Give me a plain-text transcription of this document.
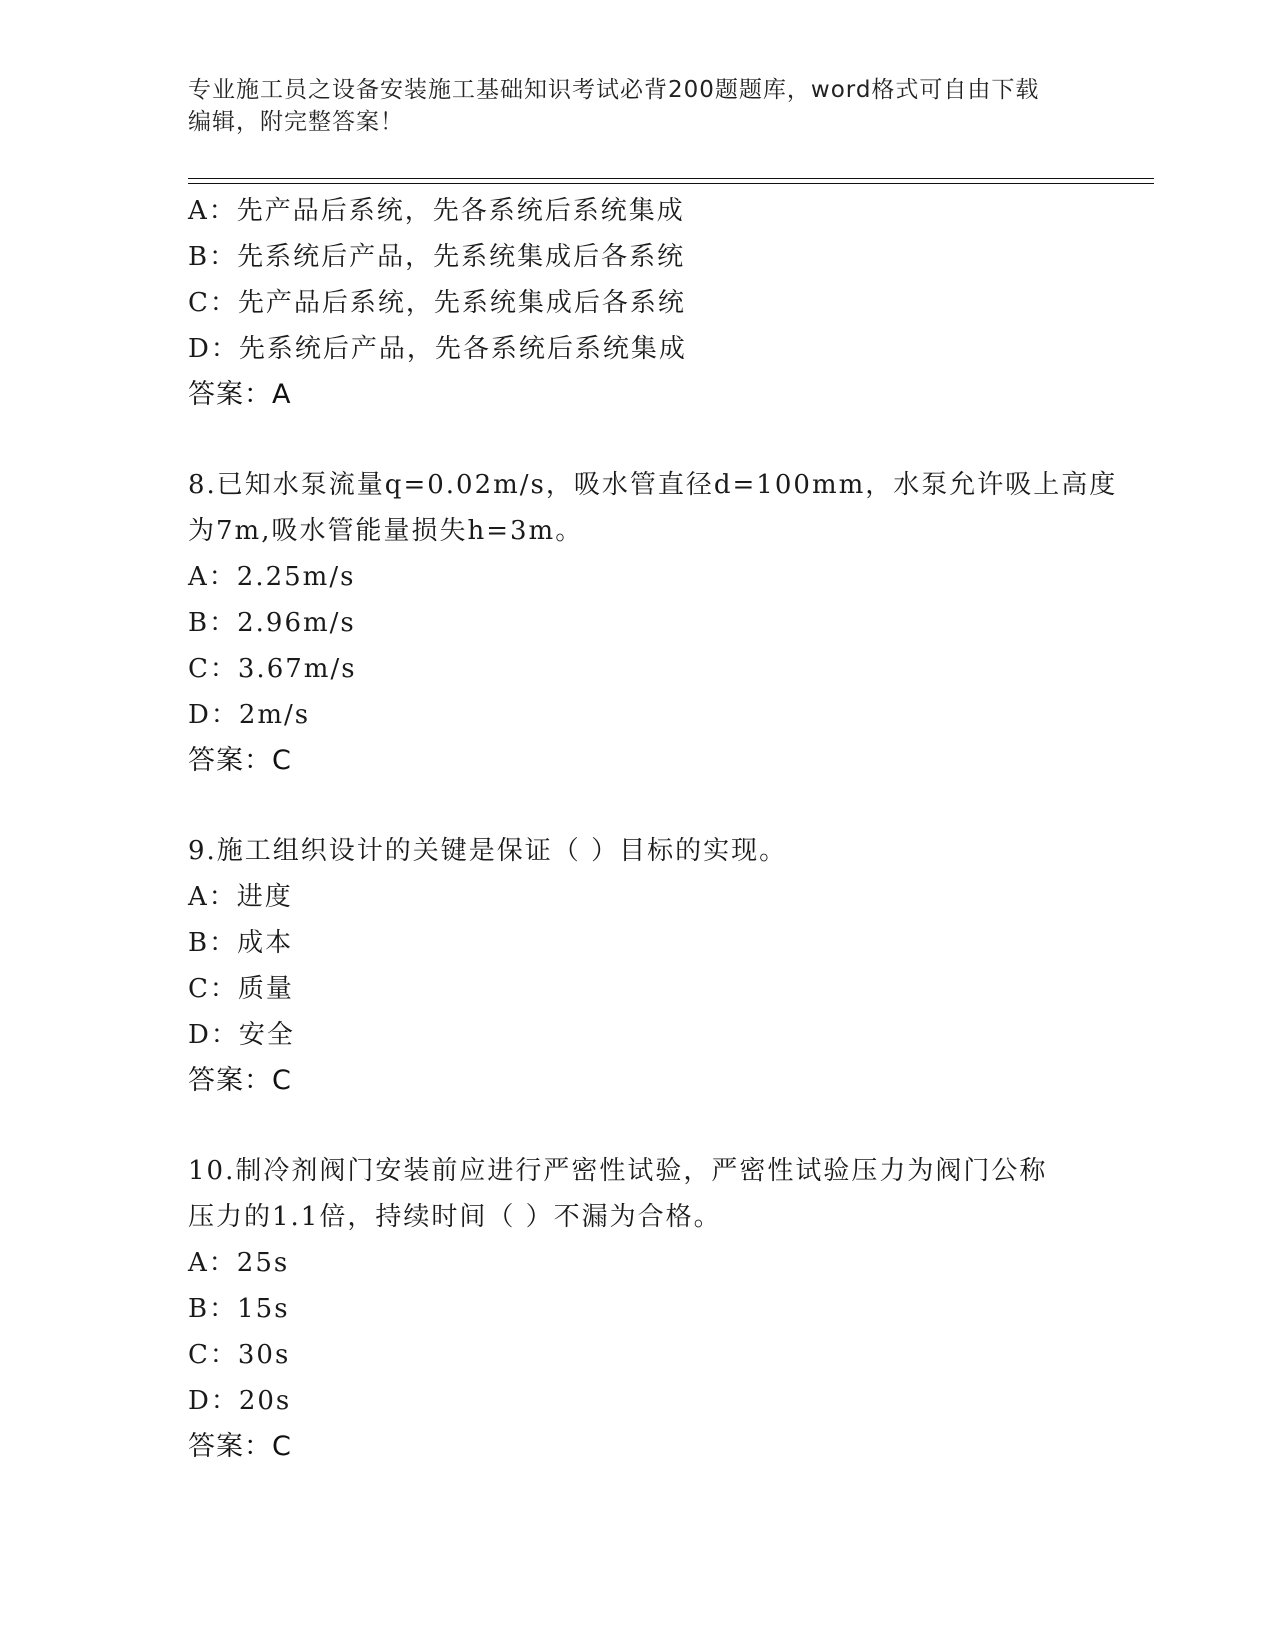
专业施工员之设备安装施工基础知识考试必背200题题库，word格式可自由下载
编辑，附完整答案！
A：先产品后系统，先各系统后系统集成
B：先系统后产品，先系统集成后各系统
C：先产品后系统，先系统集成后各系统
D：先系统后产品，先各系统后系统集成
答案：A
8.已知水泵流量q=0.02m/s，吸水管直径d=100mm，水泵允许吸上高度
为7m,吸水管能量损失h=3m。
A：2.25m/s
B：2.96m/s
C：3.67m/s
D：2m/s
答案：C
9.施工组织设计的关键是保证（ ）目标的实现。
A：进度
B：成本
C：质量
D：安全
答案：C
10.制冷剂阀门安装前应进行严密性试验，严密性试验压力为阀门公称
压力的1.1倍，持续时间（ ）不漏为合格。
A：25s
B：15s
C：30s
D：20s
答案：C
